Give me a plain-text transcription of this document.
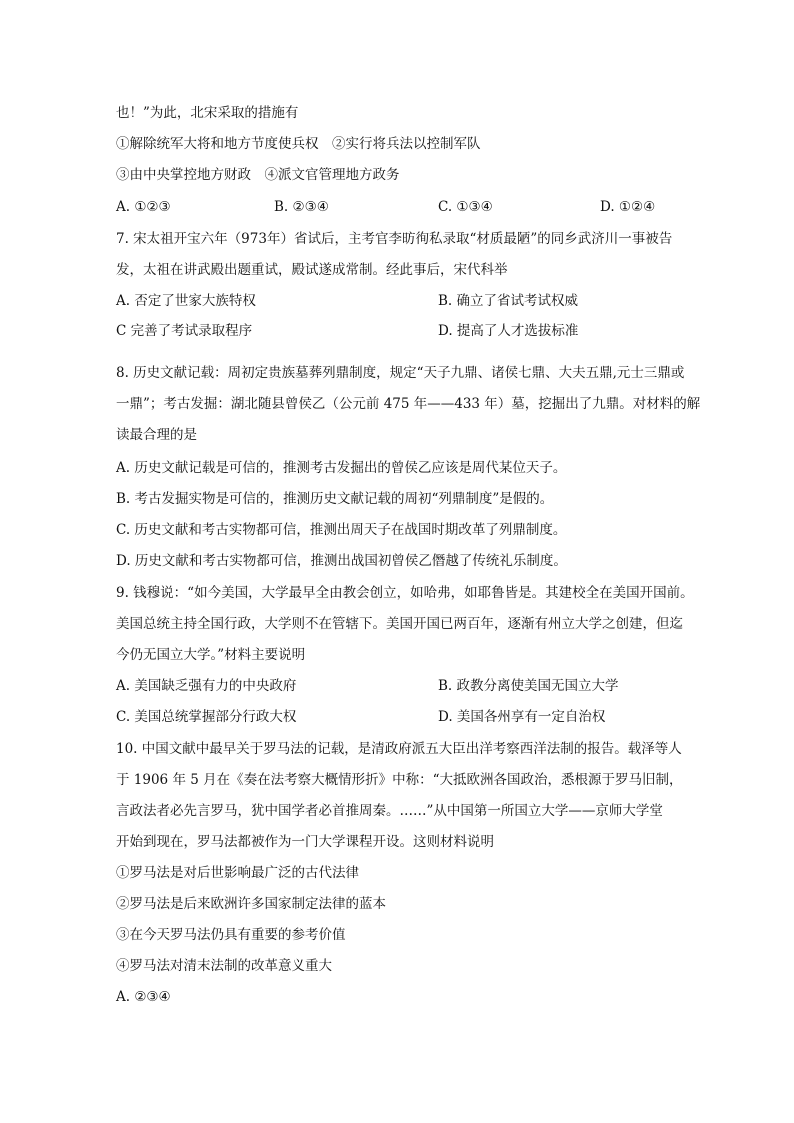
也！”为此，北宋采取的措施有
①解除统军大将和地方节度使兵权　②实行将兵法以控制军队
③由中央掌控地方财政　④派文官管理地方政务
A. ①②③	B. ②③④	C. ①③④	D. ①②④
7. 宋太祖开宝六年（973年）省试后，主考官李昉徇私录取“材质最陋”的同乡武济川一事被告
发，太祖在讲武殿出题重试，殿试遂成常制。经此事后，宋代科举
A. 否定了世家大族特权	B. 确立了省试考试权威
C 完善了考试录取程序	D. 提高了人才选拔标准
8. 历史文献记载：周初定贵族墓葬列鼎制度，规定“天子九鼎、诸侯七鼎、大夫五鼎,元士三鼎或
一鼎”；考古发掘：湖北随县曾侯乙（公元前 475 年——433 年）墓，挖掘出了九鼎。对材料的解
读最合理的是
A. 历史文献记载是可信的，推测考古发掘出的曾侯乙应该是周代某位天子。
B. 考古发掘实物是可信的，推测历史文献记载的周初“列鼎制度”是假的。
C. 历史文献和考古实物都可信，推测出周天子在战国时期改革了列鼎制度。
D. 历史文献和考古实物都可信，推测出战国初曾侯乙僭越了传统礼乐制度。
9. 钱穆说：“如今美国，大学最早全由教会创立，如哈弗，如耶鲁皆是。其建校全在美国开国前。
美国总统主持全国行政，大学则不在管辖下。美国开国已两百年，逐渐有州立大学之创建，但迄
今仍无国立大学。”材料主要说明
A. 美国缺乏强有力的中央政府	B. 政教分离使美国无国立大学
C. 美国总统掌握部分行政大权	D. 美国各州享有一定自治权
10. 中国文献中最早关于罗马法的记载，是清政府派五大臣出洋考察西洋法制的报告。载泽等人
于 1906 年 5 月在《奏在法考察大概情形折》中称：“大抵欧洲各国政治，悉根源于罗马旧制，
言政法者必先言罗马，犹中国学者必首推周秦。……”从中国第一所国立大学——京师大学堂
开始到现在，罗马法都被作为一门大学课程开设。这则材料说明
①罗马法是对后世影响最广泛的古代法律
②罗马法是后来欧洲许多国家制定法律的蓝本
③在今天罗马法仍具有重要的参考价值
④罗马法对清末法制的改革意义重大
A. ②③④
